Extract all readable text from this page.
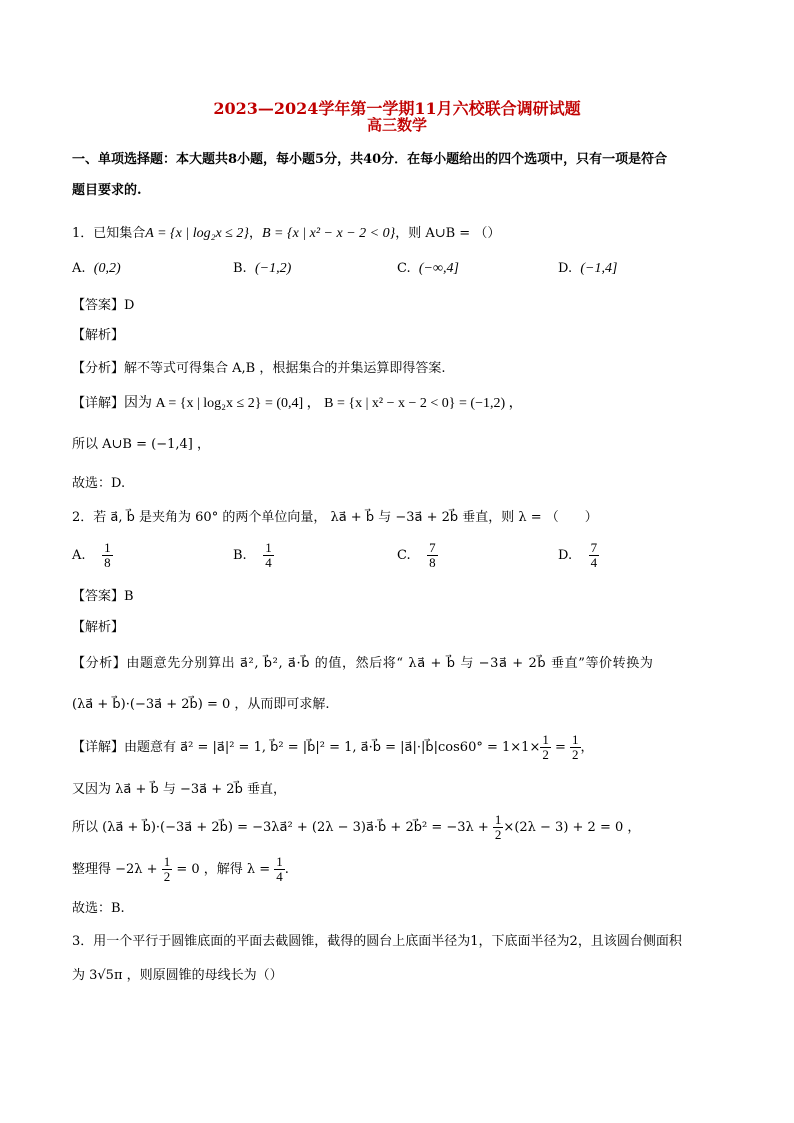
2023—2024学年第一学期11月六校联合调研试题
高三数学
一、单项选择题：本大题共8小题，每小题5分，共40分．在每小题给出的四个选项中，只有一项是符合
题目要求的.
1．已知集合A = {x | log₂x ≤ 2}，B = {x | x² − x − 2 < 0}，则 A∪B = （）
A. (0,2)	B. (−1,2)	C. (−∞,4]	D. (−1,4]
【答案】D
【解析】
【分析】解不等式可得集合 A,B ，根据集合的并集运算即得答案.
【详解】因为 A = {x | log₂x ≤ 2} = (0,4] ， B = {x | x² − x − 2 < 0} = (−1,2) ，
所以 A∪B = (−1,4] ，
故选：D.
2．若 a⃗, b⃗ 是夹角为 60° 的两个单位向量， λa⃗ + b⃗ 与 −3a⃗ + 2b⃗ 垂直，则 λ = （　　）
A. $\frac{1}{8}$	B. $\frac{1}{4}$	C. $\frac{7}{8}$	D. $\frac{7}{4}$
【答案】B
【解析】
【分析】由题意先分别算出 a⃗², b⃗², a⃗·b⃗ 的值，然后将“ λa⃗ + b⃗ 与 −3a⃗ + 2b⃗ 垂直”等价转换为
(λa⃗ + b⃗)·(−3a⃗ + 2b⃗) = 0 ，从而即可求解.
【详解】由题意有 a⃗² = |a⃗|² = 1, b⃗² = |b⃗|² = 1, a⃗·b⃗ = |a⃗|·|b⃗|cos60° = $1\times 1\times \frac{1}{2} = \frac{1}{2}$ ，
又因为 λa⃗ + b⃗ 与 −3a⃗ + 2b⃗ 垂直，
所以 (λa⃗ + b⃗)·(−3a⃗ + 2b⃗) = −3λa⃗² + (2λ − 3)a⃗·b⃗ + 2b⃗² = $-3\lambda + \frac{1}{2} \times(2\lambda - 3) + 2 = 0$ ，
整理得 $-2\lambda + \frac{1}{2} = 0$ ，解得 $\lambda = \frac{1}{4}$ .
故选：B.
3．用一个平行于圆锥底面的平面去截圆锥，截得的圆台上底面半径为1，下底面半径为2，且该圆台侧面积
为 3√5π ，则原圆锥的母线长为（）
